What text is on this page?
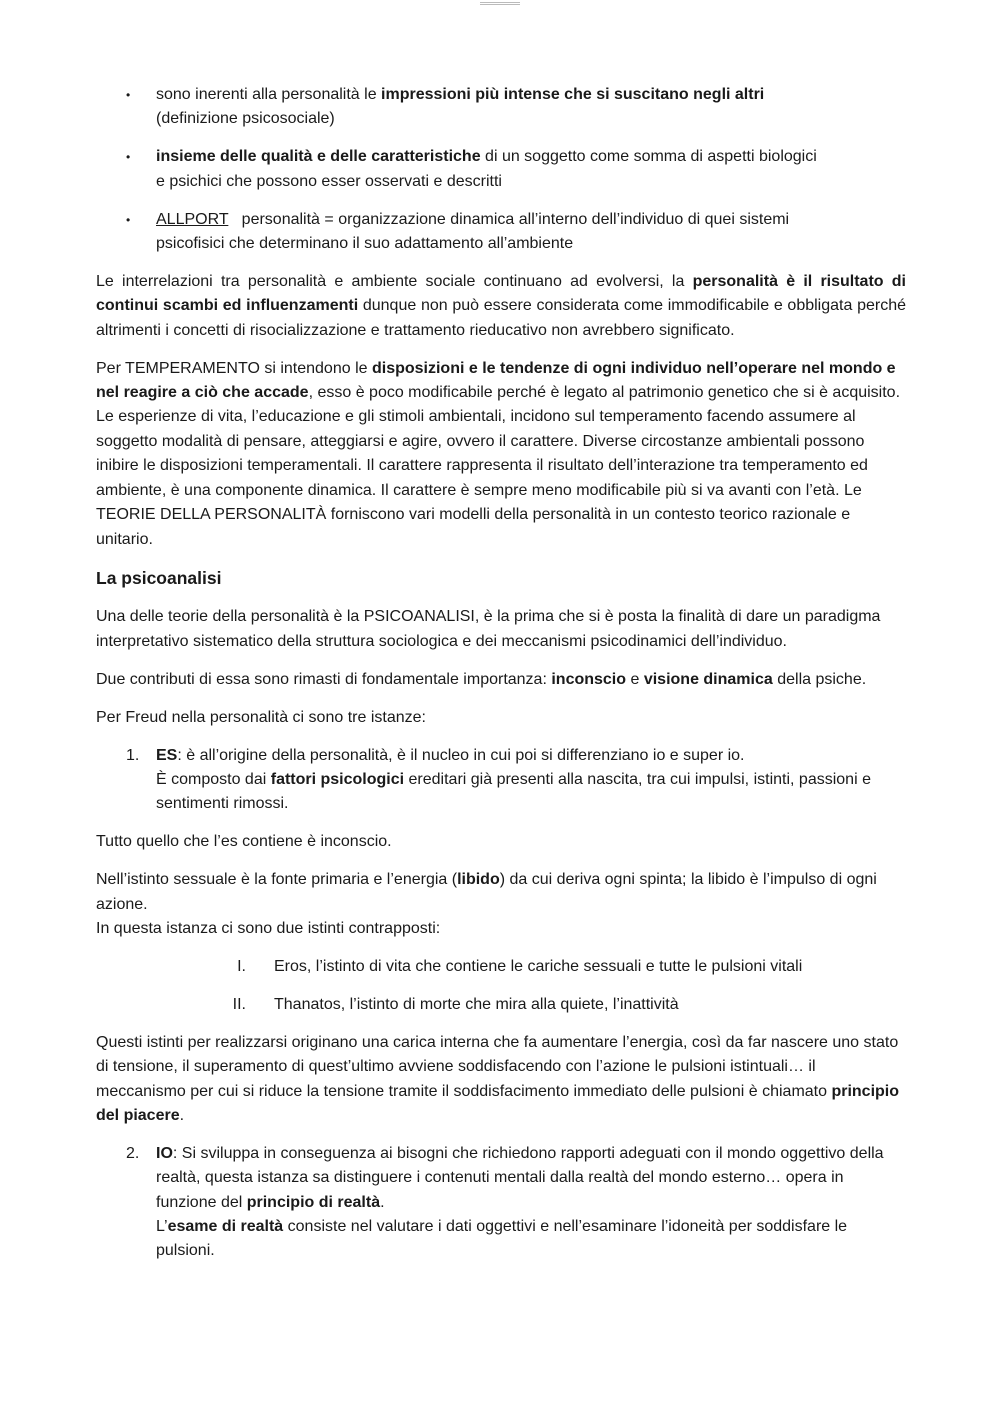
• sono inerenti alla personalità le impressioni più intense che si suscitano negli altri
(definizione psicosociale)
• insieme delle qualità e delle caratteristiche di un soggetto come somma di aspetti biologici
e psichici che possono esser osservati e descritti
• ALLPORT   personalità = organizzazione dinamica all’interno dell’individuo di quei sistemi
psicofisici che determinano il suo adattamento all’ambiente

Le interrelazioni tra personalità e ambiente sociale continuano ad evolversi, la personalità è il risultato di continui scambi ed influenzamenti dunque non può essere considerata come immodificabile e obbligata perché altrimenti i concetti di risocializzazione e trattamento rieducativo non avrebbero significato.

Per TEMPERAMENTO si intendono le disposizioni e le tendenze di ogni individuo nell’operare nel mondo e nel reagire a ciò che accade, esso è poco modificabile perché è legato al patrimonio genetico che si è acquisito.
Le esperienze di vita, l’educazione e gli stimoli ambientali, incidono sul temperamento facendo assumere al soggetto modalità di pensare, atteggiarsi e agire, ovvero il carattere. Diverse circostanze ambientali possono inibire le disposizioni temperamentali. Il carattere rappresenta il risultato dell’interazione tra temperamento ed ambiente, è una componente dinamica. Il carattere è sempre meno modificabile più si va avanti con l’età. Le TEORIE DELLA PERSONALITÀ forniscono vari modelli della personalità in un contesto teorico razionale e unitario.

La psicoanalisi

Una delle teorie della personalità è la PSICOANALISI, è la prima che si è posta la finalità di dare un paradigma interpretativo sistematico della struttura sociologica e dei meccanismi psicodinamici dell’individuo.

Due contributi di essa sono rimasti di fondamentale importanza: inconscio e visione dinamica della psiche.

Per Freud nella personalità ci sono tre istanze:

1. ES: è all’origine della personalità, è il nucleo in cui poi si differenziano io e super io.
È composto dai fattori psicologici ereditari già presenti alla nascita, tra cui impulsi, istinti, passioni e sentimenti rimossi.

Tutto quello che l’es contiene è inconscio.

Nell’istinto sessuale è la fonte primaria e l’energia (libido) da cui deriva ogni spinta; la libido è l’impulso di ogni azione.
In questa istanza ci sono due istinti contrapposti:

I. Eros, l’istinto di vita che contiene le cariche sessuali e tutte le pulsioni vitali
II. Thanatos, l’istinto di morte che mira alla quiete, l’inattività

Questi istinti per realizzarsi originano una carica interna che fa aumentare l’energia, così da far nascere uno stato di tensione, il superamento di quest’ultimo avviene soddisfacendo con l’azione le pulsioni istintuali… il meccanismo per cui si riduce la tensione tramite il soddisfacimento immediato delle pulsioni è chiamato principio del piacere.

2. IO: Si sviluppa in conseguenza ai bisogni che richiedono rapporti adeguati con il mondo oggettivo della realtà, questa istanza sa distinguere i contenuti mentali dalla realtà del mondo esterno… opera in funzione del principio di realtà.
L’esame di realtà consiste nel valutare i dati oggettivi e nell’esaminare l’idoneità per soddisfare le pulsioni.
